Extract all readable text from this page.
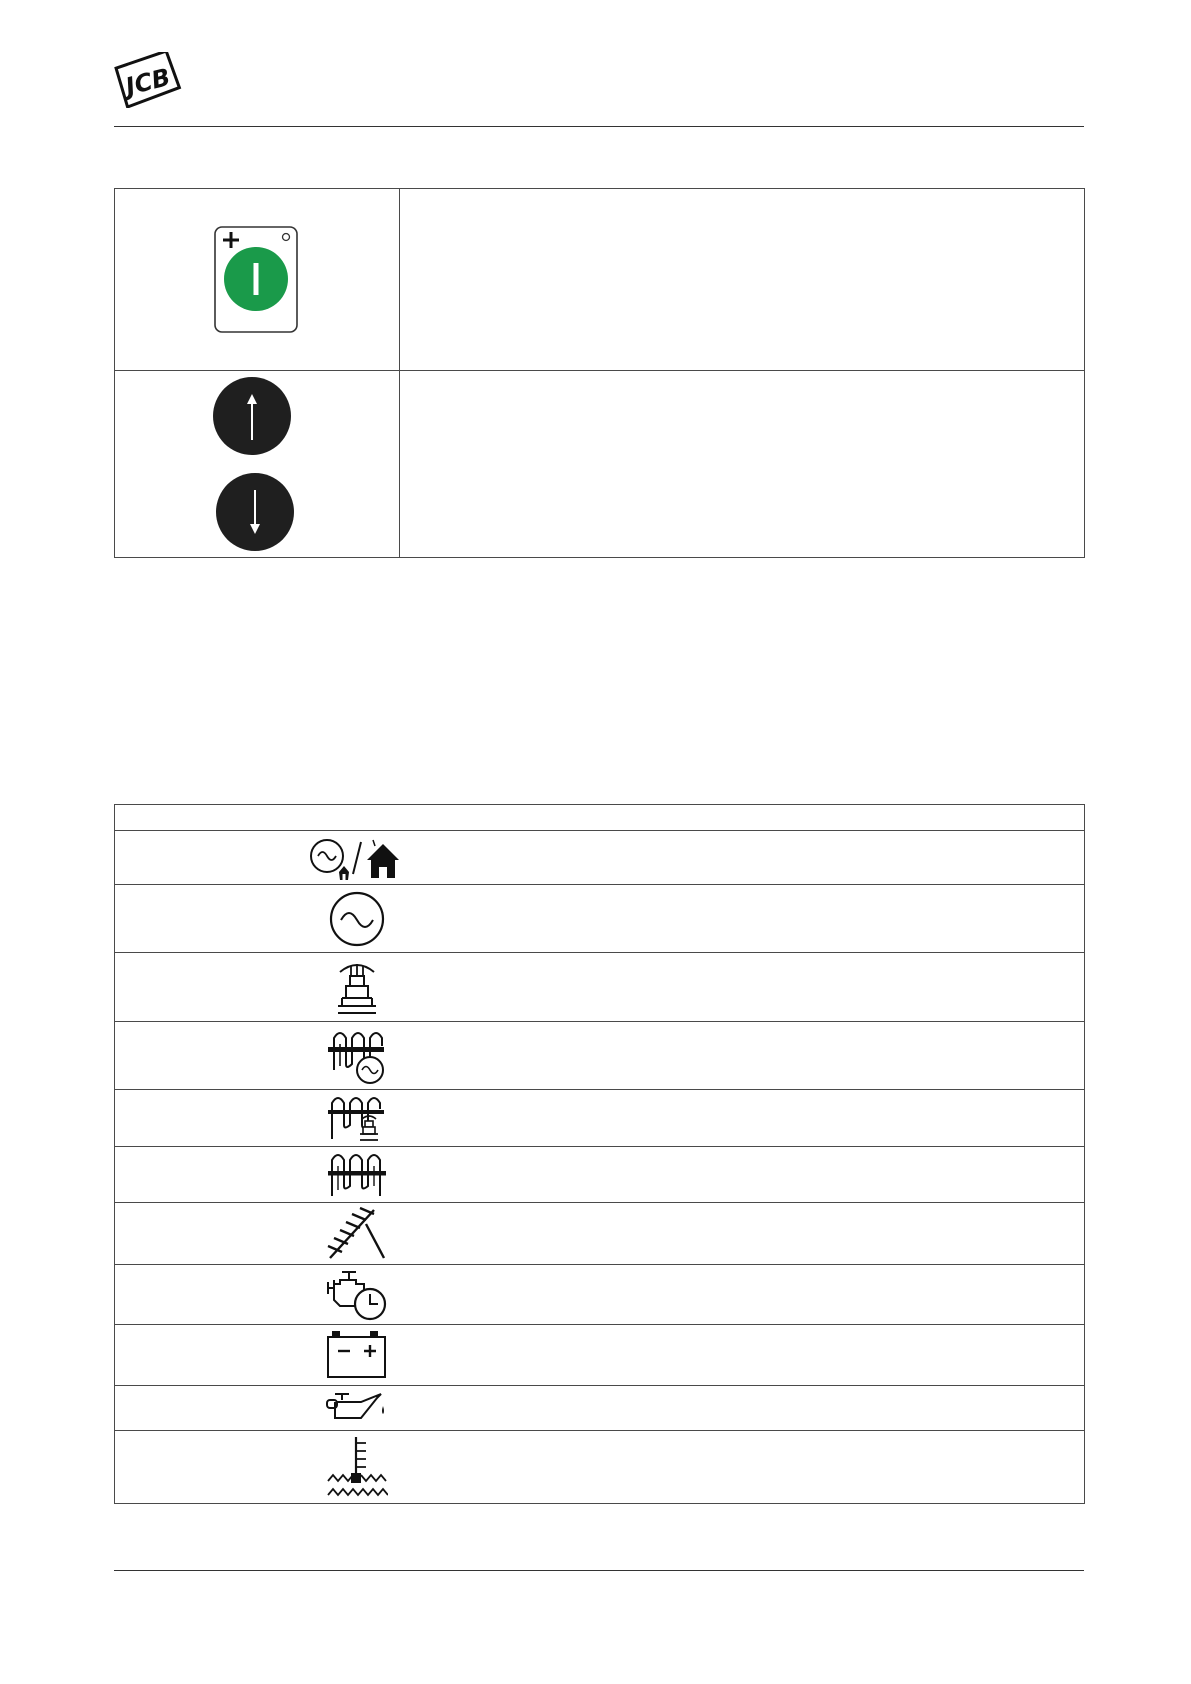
JCB
